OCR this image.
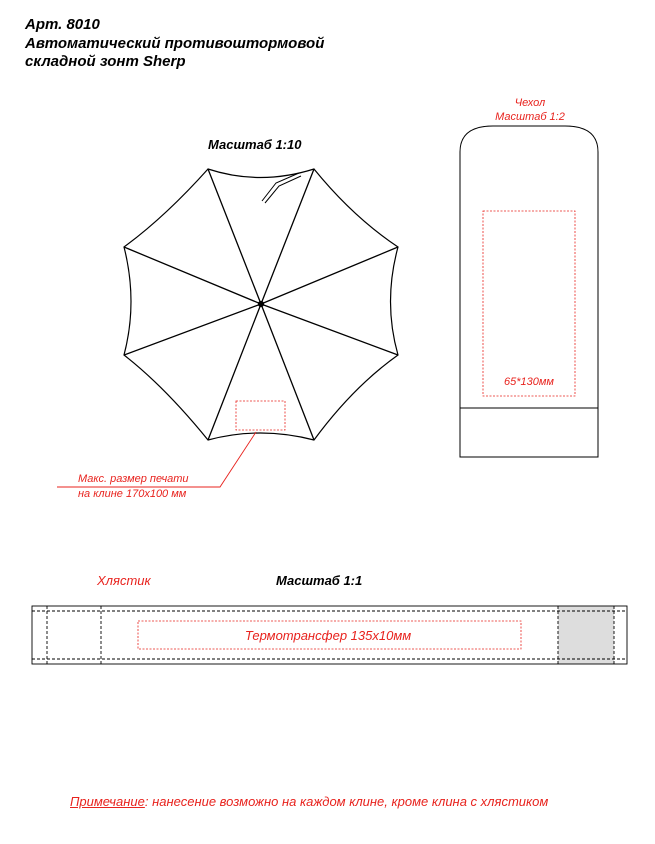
Арт. 8010
Автоматический противоштормовой
складной зонт Sherp
Масштаб 1:10
Чехол
Масштаб 1:2
Хлястик	Масштаб 1:1
Макс. размер печати
на клине 170х100 мм
65*130мм
Термотрансфер 135х10мм
Примечание: нанесение возможно на каждом клине, кроме клина с хлястиком
